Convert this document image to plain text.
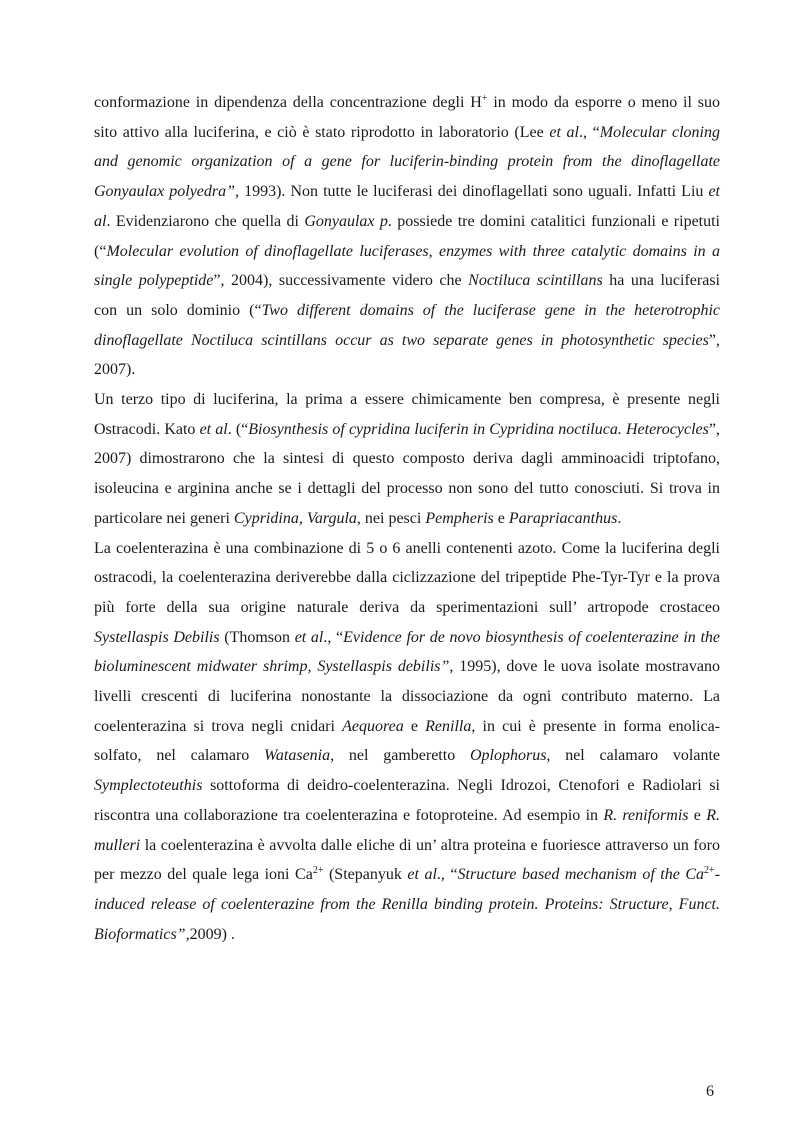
conformazione in dipendenza della concentrazione degli H+ in modo da esporre o meno il suo sito attivo alla luciferina, e ciò è stato riprodotto in laboratorio (Lee et al., “Molecular cloning and genomic organization of a gene for luciferin-binding protein from the dinoflagellate Gonyaulax polyedra”, 1993). Non tutte le luciferasi dei dinoflagellati sono uguali. Infatti Liu et al. Evidenziarono che quella di Gonyaulax p. possiede tre domini catalitici funzionali e ripetuti (“Molecular evolution of dinoflagellate luciferases, enzymes with three catalytic domains in a single polypeptide”, 2004), successivamente videro che Noctiluca scintillans ha una luciferasi con un solo dominio (“Two different domains of the luciferase gene in the heterotrophic dinoflagellate Noctiluca scintillans occur as two separate genes in photosynthetic species”, 2007).

Un terzo tipo di luciferina, la prima a essere chimicamente ben compresa, è presente negli Ostracodi. Kato et al. (“Biosynthesis of cypridina luciferin in Cypridina noctiluca. Heterocycles”, 2007) dimostrarono che la sintesi di questo composto deriva dagli amminoacidi triptofano, isoleucina e arginina anche se i dettagli del processo non sono del tutto conosciuti. Si trova in particolare nei generi Cypridina, Vargula, nei pesci Pempheris e Parapriacanthus.

La coelenterazina è una combinazione di 5 o 6 anelli contenenti azoto. Come la luciferina degli ostracodi, la coelenterazina deriverebbe dalla ciclizzazione del tripeptide Phe-Tyr-Tyr e la prova più forte della sua origine naturale deriva da sperimentazioni sull’ artropode crostaceo Systellaspis Debilis (Thomson et al., “Evidence for de novo biosynthesis of coelenterazine in the bioluminescent midwater shrimp, Systellaspis debilis”, 1995), dove le uova isolate mostravano livelli crescenti di luciferina nonostante la dissociazione da ogni contributo materno. La coelenterazina si trova negli cnidari Aequorea e Renilla, in cui è presente in forma enolica-solfato, nel calamaro Watasenia, nel gamberetto Oplophorus, nel calamaro volante Symplectoteuthis sottoforma di deidro-coelenterazina. Negli Idrozoi, Ctenofori e Radiolari si riscontra una collaborazione tra coelenterazina e fotoproteine. Ad esempio in R. reniformis e R. mulleri la coelenterazina è avvolta dalle eliche di un’ altra proteina e fuoriesce attraverso un foro per mezzo del quale lega ioni $Ca^{2+}$ (Stepanyuk et al., “Structure based mechanism of the $Ca^{2+}$-induced release of coelenterazine from the Renilla binding protein. Proteins: Structure, Funct. Bioformatics”,2009) .

6
